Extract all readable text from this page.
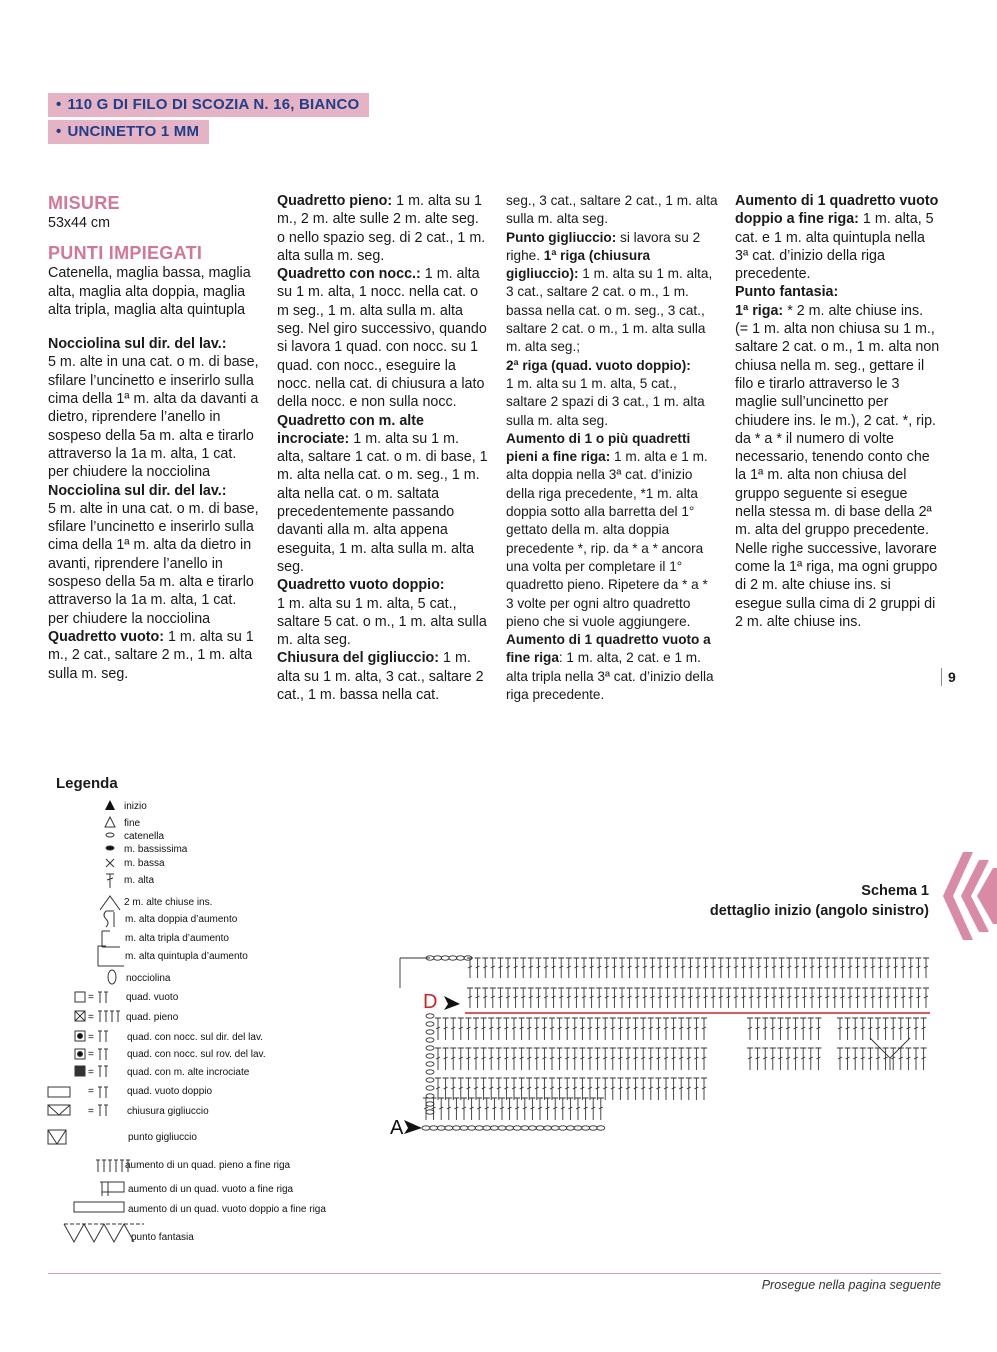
• 110 G DI FILO DI SCOZIA N. 16, BIANCO
• UNCINETTO 1 MM

MISURE

53x44 cm

PUNTI IMPIEGATI

Catenella, maglia bassa, maglia alta, maglia alta doppia, maglia alta tripla, maglia alta quintupla

Nocciolina sul dir. del lav.:
5 m. alte in una cat. o m. di base, sfilare l’uncinetto e inserirlo sulla cima della 1ª m. alta da davanti a dietro, riprendere l’anello in sospeso della 5a m. alta e tirarlo attraverso la 1a m. alta, 1 cat. per chiudere la nocciolina

Nocciolina sul dir. del lav.:
5 m. alte in una cat. o m. di base, sfilare l’uncinetto e inserirlo sulla cima della 1ª m. alta da dietro in avanti, riprendere l’anello in sospeso della 5a m. alta e tirarlo attraverso la 1a m. alta, 1 cat. per chiudere la nocciolina

Quadretto vuoto: 1 m. alta su 1 m., 2 cat., saltare 2 m., 1 m. alta sulla m. seg.

Quadretto pieno: 1 m. alta su 1 m., 2 m. alte sulle 2 m. alte seg. o nello spazio seg. di 2 cat., 1 m. alta sulla m. seg.

Quadretto con nocc.: 1 m. alta su 1 m. alta, 1 nocc. nella cat. o m seg., 1 m. alta sulla m. alta seg. Nel giro successivo, quando si lavora 1 quad. con nocc. su 1 quad. con nocc., eseguire la nocc. nella cat. di chiusura a lato della nocc. e non sulla nocc.

Quadretto con m. alte incrociate: 1 m. alta su 1 m. alta, saltare 1 cat. o m. di base, 1 m. alta nella cat. o m. seg., 1 m. alta nella cat. o m. saltata precedentemente passando davanti alla m. alta appena eseguita, 1 m. alta sulla m. alta seg.

Quadretto vuoto doppio:
1 m. alta su 1 m. alta, 5 cat., saltare 5 cat. o m., 1 m. alta sulla m. alta seg.

Chiusura del gigliuccio: 1 m. alta su 1 m. alta, 3 cat., saltare 2 cat., 1 m. bassa nella cat.

seg., 3 cat., saltare 2 cat., 1 m. alta sulla m. alta seg.

Punto gigliuccio: si lavora su 2 righe. 1ª riga (chiusura gigliuccio): 1 m. alta su 1 m. alta, 3 cat., saltare 2 cat. o m., 1 m. bassa nella cat. o m. seg., 3 cat., saltare 2 cat. o m., 1 m. alta sulla m. alta seg.;

2ª riga (quad. vuoto doppio):
1 m. alta su 1 m. alta, 5 cat., saltare 2 spazi di 3 cat., 1 m. alta sulla m. alta seg.

Aumento di 1 o più quadretti pieni a fine riga: 1 m. alta e 1 m. alta doppia nella 3ª cat. d’inizio della riga precedente, *1 m. alta doppia sotto alla barretta del 1° gettato della m. alta doppia precedente *, rip. da * a * ancora una volta per completare il 1° quadretto pieno. Ripetere da * a * 3 volte per ogni altro quadretto pieno che si vuole aggiungere.

Aumento di 1 quadretto vuoto a fine riga: 1 m. alta, 2 cat. e 1 m. alta tripla nella 3ª cat. d’inizio della riga precedente.

Aumento di 1 quadretto vuoto doppio a fine riga: 1 m. alta, 5 cat. e 1 m. alta quintupla nella 3ª cat. d’inizio della riga precedente.

Punto fantasia:

1ª riga: * 2 m. alte chiuse ins. (= 1 m. alta non chiusa su 1 m., saltare 2 cat. o m., 1 m. alta non chiusa nella m. seg., gettare il filo e tirarlo attraverso le 3 maglie sull’uncinetto per chiudere ins. le m.), 2 cat. *, rip. da * a * il numero di volte necessario, tenendo conto che la 1ª m. alta non chiusa del gruppo seguente si esegue nella stessa m. di base della 2ª m. alta del gruppo precedente.

Nelle righe successive, lavorare come la 1ª riga, ma ogni gruppo di 2 m. alte chiuse ins. si esegue sulla cima di 2 gruppi di 2 m. alte chiuse ins.

9
Schema 1
dettaglio inizio (angolo sinistro)
Legenda
inizio
fine
catenella
m. bassissima
m. bassa
m. alta
2 m. alte chiuse ins.
m. alta doppia d’aumento
m. alta tripla d’aumento
m. alta quintupla d’aumento
nocciolina
quad. vuoto
quad. pieno
quad. con nocc. sul dir. del lav.
quad. con nocc. sul rov. del lav.
quad. con m. alte incrociate
quad. vuoto doppio
chiusura gigliuccio
punto gigliuccio
aumento di un quad. pieno a fine riga
aumento di un quad. vuoto a fine riga
aumento di un quad. vuoto doppio a fine riga
punto fantasia
=
=
=
=
=
=
=
D
A
Prosegue nella pagina seguente
